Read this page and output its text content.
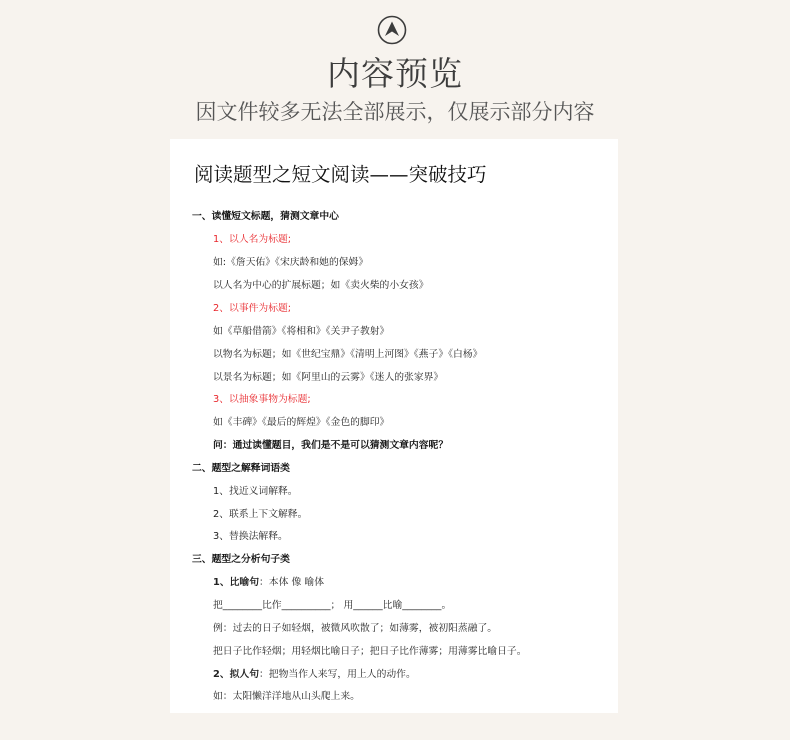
内容预览
因文件较多无法全部展示，仅展示部分内容
阅读题型之短文阅读——突破技巧
一、读懂短文标题，猜测文章中心
1、以人名为标题;
如:《詹天佑》《宋庆龄和她的保姆》
以人名为中心的扩展标题；如《卖火柴的小女孩》
2、以事件为标题;
如《草船借箭》《将相和》《关尹子教射》
以物名为标题；如《世纪宝鼎》《清明上河图》《燕子》《白杨》
以景名为标题；如《阿里山的云雾》《迷人的张家界》
3、以抽象事物为标题;
如《丰碑》《最后的辉煌》《金色的脚印》
问：通过读懂题目，我们是不是可以猜测文章内容呢？
二、题型之解释词语类
1、找近义词解释。
2、联系上下文解释。
3、替换法解释。
三、题型之分析句子类
1、比喻句：本体 像 喻体
把________比作__________； 用______比喻________。
例：过去的日子如轻烟，被微风吹散了；如薄雾，被初阳蒸融了。
把日子比作轻烟；用轻烟比喻日子；把日子比作薄雾；用薄雾比喻日子。
2、拟人句：把物当作人来写，用上人的动作。
如：太阳懒洋洋地从山头爬上来。
